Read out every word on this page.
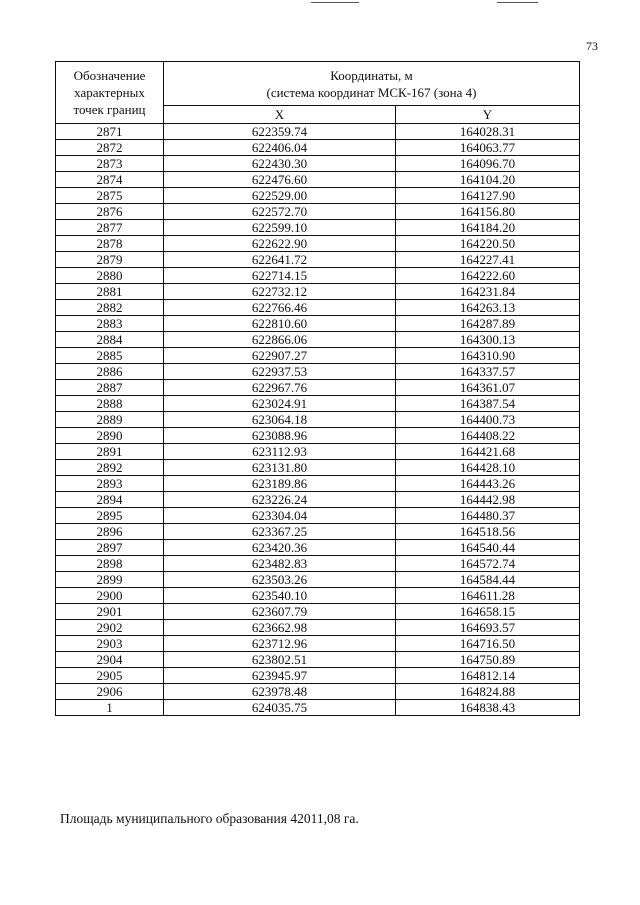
73
Обозначение характерных точек границ	Координаты, м
(система координат МСК-167 (зона 4)	

	X	Y
2871	622359.74	164028.31
2872	622406.04	164063.77
2873	622430.30	164096.70
2874	622476.60	164104.20
2875	622529.00	164127.90
2876	622572.70	164156.80
2877	622599.10	164184.20
2878	622622.90	164220.50
2879	622641.72	164227.41
2880	622714.15	164222.60
2881	622732.12	164231.84
2882	622766.46	164263.13
2883	622810.60	164287.89
2884	622866.06	164300.13
2885	622907.27	164310.90
2886	622937.53	164337.57
2887	622967.76	164361.07
2888	623024.91	164387.54
2889	623064.18	164400.73
2890	623088.96	164408.22
2891	623112.93	164421.68
2892	623131.80	164428.10
2893	623189.86	164443.26
2894	623226.24	164442.98
2895	623304.04	164480.37
2896	623367.25	164518.56
2897	623420.36	164540.44
2898	623482.83	164572.74
2899	623503.26	164584.44
2900	623540.10	164611.28
2901	623607.79	164658.15
2902	623662.98	164693.57
2903	623712.96	164716.50
2904	623802.51	164750.89
2905	623945.97	164812.14
2906	623978.48	164824.88
1	624035.75	164838.43
Площадь муниципального образования 42011,08 га.
